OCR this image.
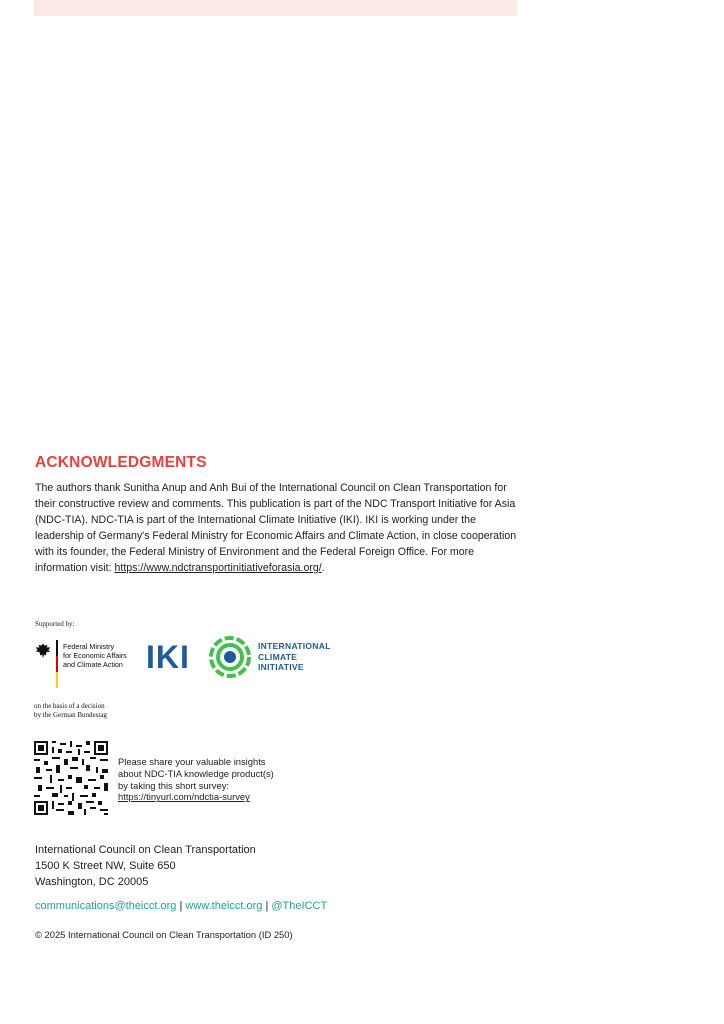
ACKNOWLEDGMENTS

The authors thank Sunitha Anup and Anh Bui of the International Council on Clean Transportation for their constructive review and comments. This publication is part of the NDC Transport Initiative for Asia (NDC-TIA). NDC-TIA is part of the International Climate Initiative (IKI). IKI is working under the leadership of Germany's Federal Ministry for Economic Affairs and Climate Action, in close cooperation with its founder, the Federal Ministry of Environment and the Federal Foreign Office. For more information visit: https://www.ndctransportinitiativeforasia.org/.

Supported by:
Federal Ministry
for Economic Affairs
and Climate Action
on the basis of a decision
by the German Bundestag
IKI	INTERNATIONAL
CLIMATE
INITIATIVE
Please share your valuable insights
about NDC-TIA knowledge product(s)
by taking this short survey:
https://tinyurl.com/ndctia-survey
International Council on Clean Transportation
1500 K Street NW, Suite 650
Washington, DC 20005
communications@theicct.org | www.theicct.org | @TheICCT
© 2025 International Council on Clean Transportation (ID 250)
